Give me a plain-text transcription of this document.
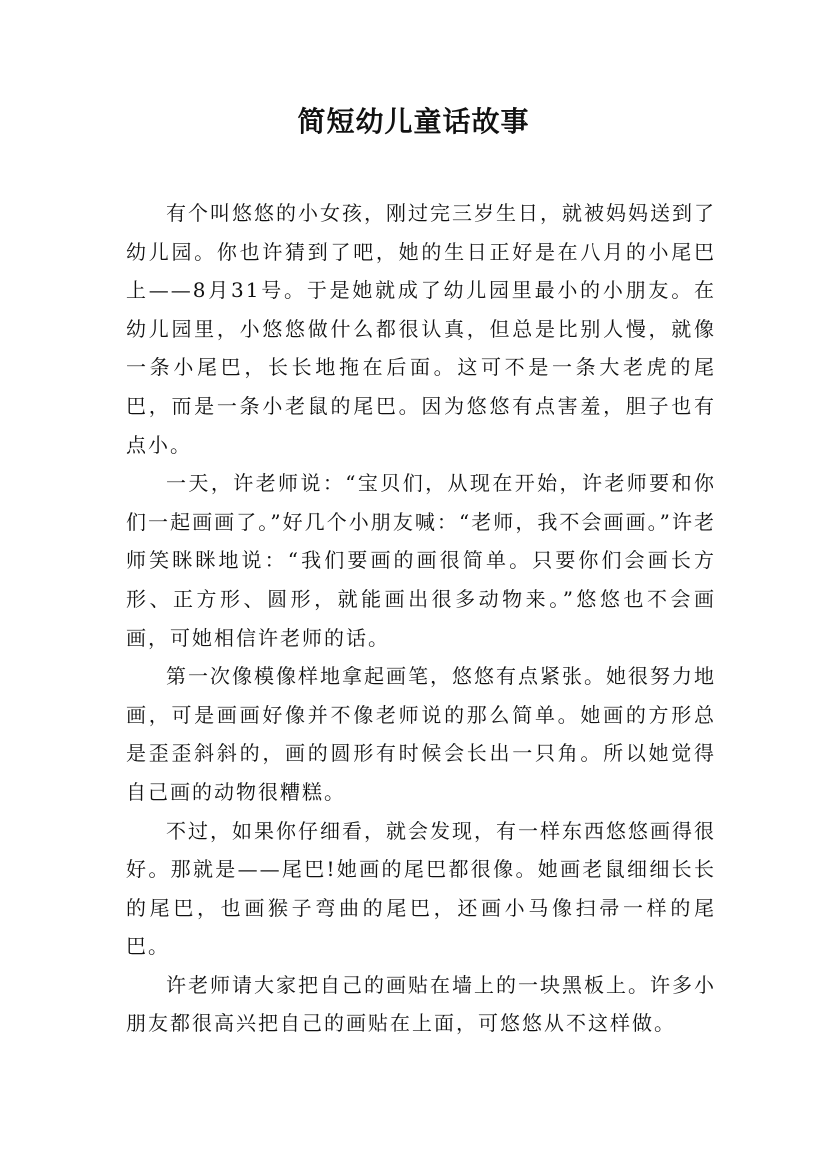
简短幼儿童话故事

有个叫悠悠的小女孩，刚过完三岁生日，就被妈妈送到了幼儿园。你也许猜到了吧，她的生日正好是在八月的小尾巴上——8月31号。于是她就成了幼儿园里最小的小朋友。在幼儿园里，小悠悠做什么都很认真，但总是比别人慢，就像一条小尾巴，长长地拖在后面。这可不是一条大老虎的尾巴，而是一条小老鼠的尾巴。因为悠悠有点害羞，胆子也有点小。

一天，许老师说：“宝贝们，从现在开始，许老师要和你们一起画画了。”好几个小朋友喊：“老师，我不会画画。”许老师笑眯眯地说：“我们要画的画很简单。只要你们会画长方形、正方形、圆形，就能画出很多动物来。”悠悠也不会画画，可她相信许老师的话。

第一次像模像样地拿起画笔，悠悠有点紧张。她很努力地画，可是画画好像并不像老师说的那么简单。她画的方形总是歪歪斜斜的，画的圆形有时候会长出一只角。所以她觉得自己画的动物很糟糕。

不过，如果你仔细看，就会发现，有一样东西悠悠画得很好。那就是——尾巴!她画的尾巴都很像。她画老鼠细细长长的尾巴，也画猴子弯曲的尾巴，还画小马像扫帚一样的尾巴。

许老师请大家把自己的画贴在墙上的一块黑板上。许多小朋友都很高兴把自己的画贴在上面，可悠悠从不这样做。
